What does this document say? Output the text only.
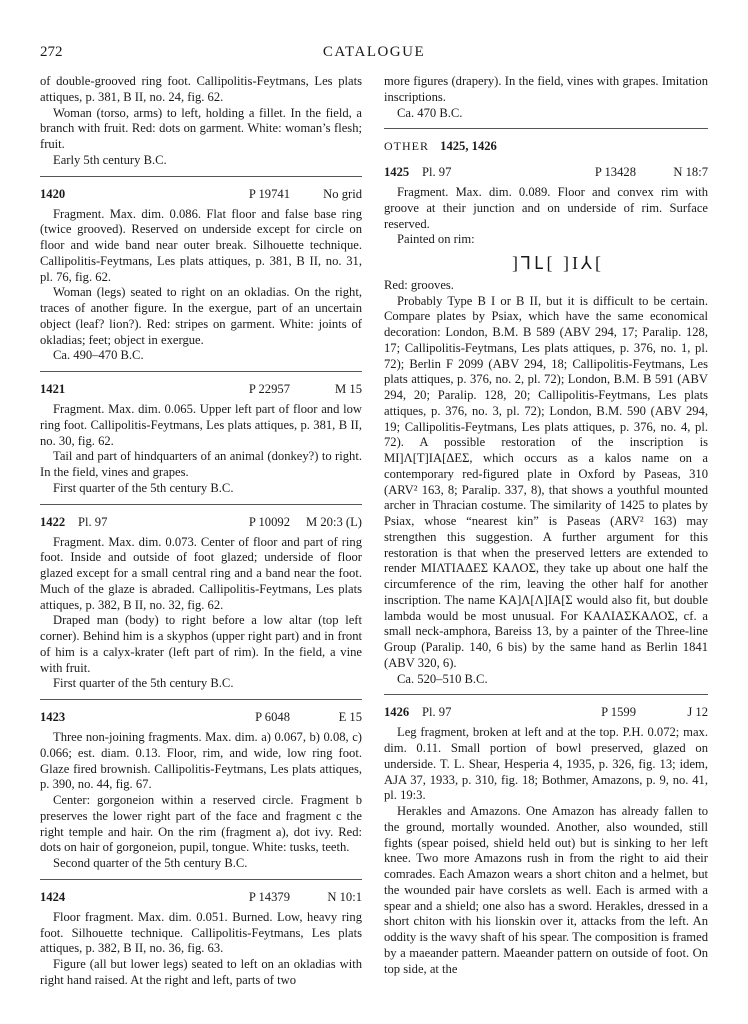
272	CATALOGUE

of double-grooved ring foot. Callipolitis-Feytmans, Les plats attiques, p. 381, B II, no. 24, fig. 62.

Woman (torso, arms) to left, holding a fillet. In the field, a branch with fruit. Red: dots on garment. White: woman’s flesh; fruit.

Early 5th century B.C.

1420	P 19741	No grid

Fragment. Max. dim. 0.086. Flat floor and false base ring (twice grooved). Reserved on underside except for circle on floor and wide band near outer break. Silhouette technique. Callipolitis-Feytmans, Les plats attiques, p. 381, B II, no. 31, pl. 76, fig. 62.

Woman (legs) seated to right on an okladias. On the right, traces of another figure. In the exergue, part of an uncertain object (leaf? lion?). Red: stripes on garment. White: joints of okladias; feet; object in exergue.

Ca. 490–470 B.C.

1421	P 22957	M 15

Fragment. Max. dim. 0.065. Upper left part of floor and low ring foot. Callipolitis-Feytmans, Les plats attiques, p. 381, B II, no. 30, fig. 62.

Tail and part of hindquarters of an animal (donkey?) to right. In the field, vines and grapes.

First quarter of the 5th century B.C.

1422 Pl. 97	P 10092 M 20:3 (L)

Fragment. Max. dim. 0.073. Center of floor and part of ring foot. Inside and outside of foot glazed; underside of floor glazed except for a small central ring and a band near the foot. Much of the glaze is abraded. Callipolitis-Feytmans, Les plats attiques, p. 382, B II, no. 32, fig. 62.

Draped man (body) to right before a low altar (top left corner). Behind him is a skyphos (upper right part) and in front of him is a calyx-krater (left part of rim). In the field, a vine with fruit.

First quarter of the 5th century B.C.

1423	P 6048	E 15

Three non-joining fragments. Max. dim. a) 0.067, b) 0.08, c) 0.066; est. diam. 0.13. Floor, rim, and wide, low ring foot. Glaze fired brownish. Callipolitis-Feytmans, Les plats attiques, p. 390, no. 44, fig. 67.

Center: gorgoneion within a reserved circle. Fragment b preserves the lower right part of the face and fragment c the right temple and hair. On the rim (fragment a), dot ivy. Red: dots on hair of gorgoneion, pupil, tongue. White: tusks, teeth.

Second quarter of the 5th century B.C.

1424	P 14379	N 10:1

Floor fragment. Max. dim. 0.051. Burned. Low, heavy ring foot. Silhouette technique. Callipolitis-Feytmans, Les plats attiques, p. 382, B II, no. 36, fig. 63.

Figure (all but lower legs) seated to left on an okladias with right hand raised. At the right and left, parts of two

more figures (drapery). In the field, vines with grapes. Imitation inscriptions.

Ca. 470 B.C.

OTHER 1425, 1426
1425 Pl. 97	P 13428	N 18:7

Fragment. Max. dim. 0.089. Floor and convex rim with groove at their junction and on underside of rim. Surface reserved.

Painted on rim:

]⅂Ⳑ[ ]I⅄[

Red: grooves.

Probably Type B I or B II, but it is difficult to be certain. Compare plates by Psiax, which have the same economical decoration: London, B.M. B 589 (ABV 294, 17; Paralip. 128, 17; Callipolitis-Feytmans, Les plats attiques, p. 376, no. 1, pl. 72); Berlin F 2099 (ABV 294, 18; Callipolitis-Feytmans, Les plats attiques, p. 376, no. 2, pl. 72); London, B.M. B 591 (ABV 294, 20; Paralip. 128, 20; Callipolitis-Feytmans, Les plats attiques, p. 376, no. 3, pl. 72); London, B.M. 590 (ABV 294, 19; Callipolitis-Feytmans, Les plats attiques, p. 376, no. 4, pl. 72). A possible restoration of the inscription is MI]Λ[T]IA[ΔΕΣ, which occurs as a kalos name on a contemporary red-figured plate in Oxford by Paseas, 310 (ARV² 163, 8; Paralip. 337, 8), that shows a youthful mounted archer in Thracian costume. The similarity of 1425 to plates by Psiax, whose “nearest kin” is Paseas (ARV² 163) may strengthen this suggestion. A further argument for this restoration is that when the preserved letters are extended to render ΜΙΛΤΙΑΔΕΣ ΚΑΛΟΣ, they take up about one half the circumference of the rim, leaving the other half for another inscription. The name ΚΑ]Λ[Λ]ΙΑ[Σ would also fit, but double lambda would be most unusual. For ΚΑΛΙΑΣΚΑΛΟΣ, cf. a small neck-amphora, Bareiss 13, by a painter of the Three-line Group (Paralip. 140, 6 bis) by the same hand as Berlin 1841 (ABV 320, 6).

Ca. 520–510 B.C.

1426 Pl. 97	P 1599	J 12

Leg fragment, broken at left and at the top. P.H. 0.072; max. dim. 0.11. Small portion of bowl preserved, glazed on underside. T. L. Shear, Hesperia 4, 1935, p. 326, fig. 13; idem, AJA 37, 1933, p. 310, fig. 18; Bothmer, Amazons, p. 9, no. 41, pl. 19:3.

Herakles and Amazons. One Amazon has already fallen to the ground, mortally wounded. Another, also wounded, still fights (spear poised, shield held out) but is sinking to her left knee. Two more Amazons rush in from the right to aid their comrades. Each Amazon wears a short chiton and a helmet, but the wounded pair have corslets as well. Each is armed with a spear and a shield; one also has a sword. Herakles, dressed in a short chiton with his lionskin over it, attacks from the left. An oddity is the wavy shaft of his spear. The composition is framed by a maeander pattern. Maeander pattern on outside of foot. On top side, at the
